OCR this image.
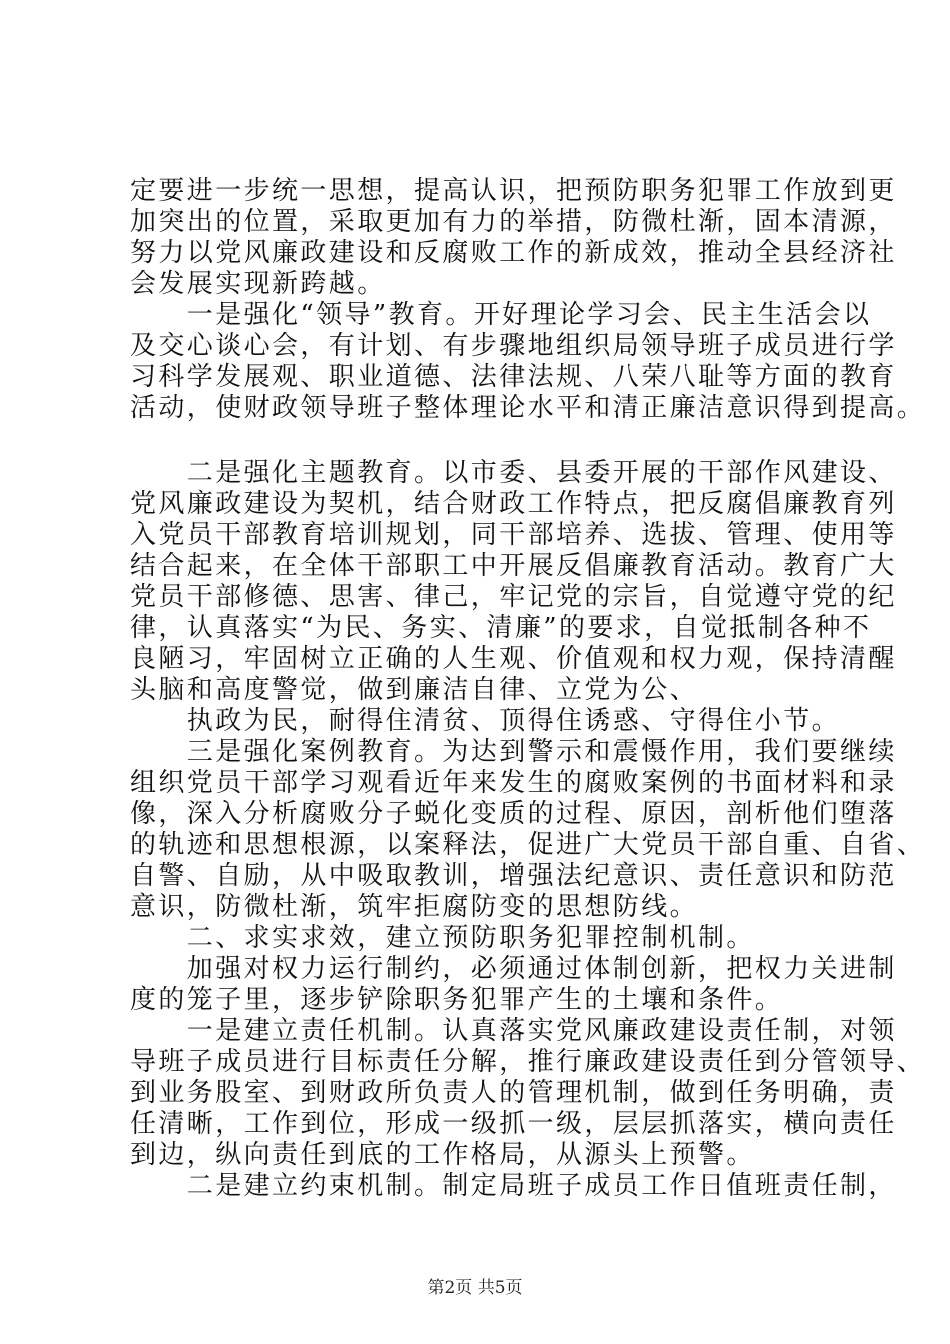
定要进一步统一思想，提高认识，把预防职务犯罪工作放到更
加突出的位置，采取更加有力的举措，防微杜渐，固本清源，
努力以党风廉政建设和反腐败工作的新成效，推动全县经济社
会发展实现新跨越。
　　一是强化“领导”教育。开好理论学习会、民主生活会以
及交心谈心会，有计划、有步骤地组织局领导班子成员进行学
习科学发展观、职业道德、法律法规、八荣八耻等方面的教育
活动，使财政领导班子整体理论水平和清正廉洁意识得到提高。
　　二是强化主题教育。以市委、县委开展的干部作风建设、
党风廉政建设为契机，结合财政工作特点，把反腐倡廉教育列
入党员干部教育培训规划，同干部培养、选拔、管理、使用等
结合起来，在全体干部职工中开展反倡廉教育活动。教育广大
党员干部修德、思害、律己，牢记党的宗旨，自觉遵守党的纪
律，认真落实“为民、务实、清廉”的要求，自觉抵制各种不
良陋习，牢固树立正确的人生观、价值观和权力观，保持清醒
头脑和高度警觉，做到廉洁自律、立党为公、
　　执政为民，耐得住清贫、顶得住诱惑、守得住小节。
　　三是强化案例教育。为达到警示和震慑作用，我们要继续
组织党员干部学习观看近年来发生的腐败案例的书面材料和录
像，深入分析腐败分子蜕化变质的过程、原因，剖析他们堕落
的轨迹和思想根源，以案释法，促进广大党员干部自重、自省、
自警、自励，从中吸取教训，增强法纪意识、责任意识和防范
意识，防微杜渐，筑牢拒腐防变的思想防线。
　　二、求实求效，建立预防职务犯罪控制机制。
　　加强对权力运行制约，必须通过体制创新，把权力关进制
度的笼子里，逐步铲除职务犯罪产生的土壤和条件。
　　一是建立责任机制。认真落实党风廉政建设责任制，对领
导班子成员进行目标责任分解，推行廉政建设责任到分管领导、
到业务股室、到财政所负责人的管理机制，做到任务明确，责
任清晰，工作到位，形成一级抓一级，层层抓落实，横向责任
到边，纵向责任到底的工作格局，从源头上预警。
　　二是建立约束机制。制定局班子成员工作日值班责任制，
第2页 共5页
